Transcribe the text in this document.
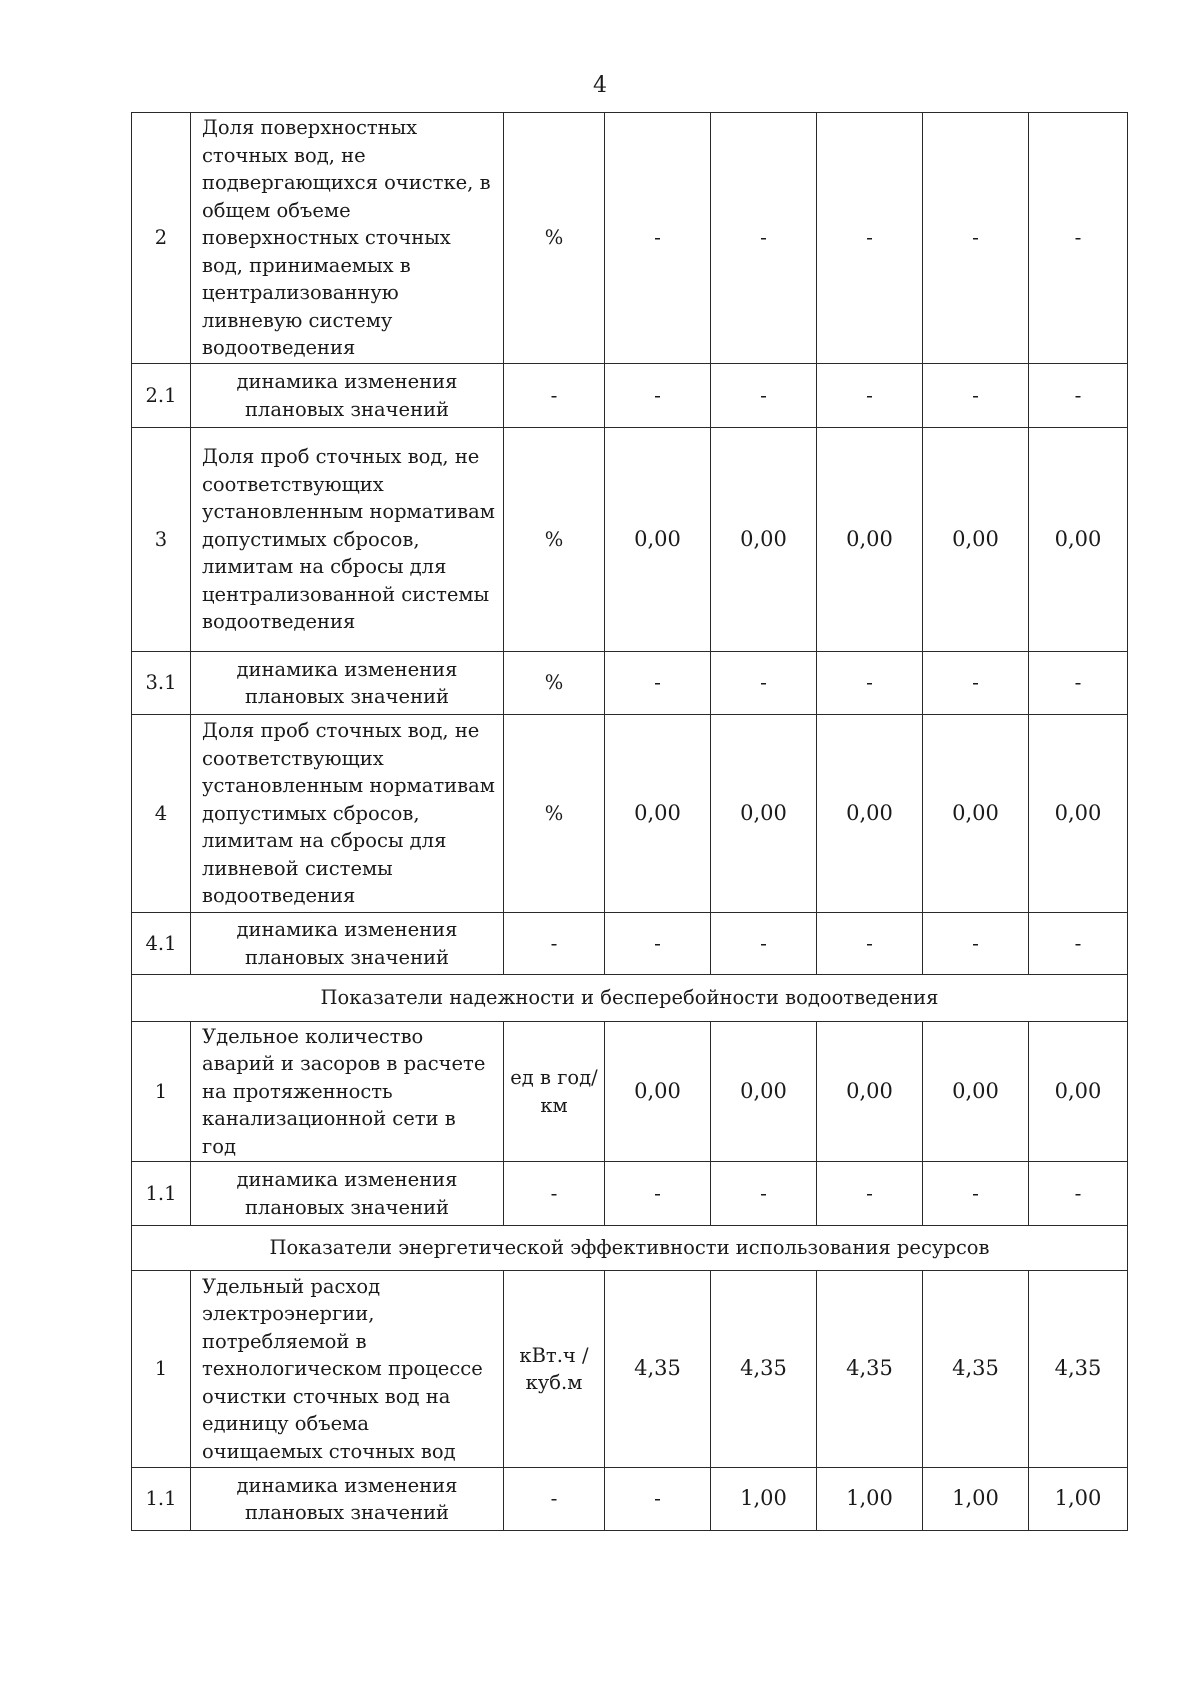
4
2	Доля поверхностных сточных вод, не подвергающихся очистке, в общем объеме поверхностных сточных вод, принимаемых в централизованную ливневую систему водоотведения	%	-	-	-	-	-
2.1	динамика изменения плановых значений	-	-	-	-	-	-
3	Доля проб сточных вод, не соответствующих установленным нормативам допустимых сбросов, лимитам на сбросы для централизованной системы водоотведения	%	0,00	0,00	0,00	0,00	0,00
3.1	динамика изменения плановых значений	%	-	-	-	-	-
4	Доля проб сточных вод, не соответствующих установленным нормативам допустимых сбросов, лимитам на сбросы для ливневой системы водоотведения	%	0,00	0,00	0,00	0,00	0,00
4.1	динамика изменения плановых значений	-	-	-	-	-	-
Показатели надежности и бесперебойности водоотведения							
1	Удельное количество аварий и засоров в расчете на протяженность канализационной сети в год	ед в год/ км	0,00	0,00	0,00	0,00	0,00
1.1	динамика изменения плановых значений	-	-	-	-	-	-
Показатели энергетической эффективности использования ресурсов							
1	Удельный расход электроэнергии, потребляемой в технологическом процессе очистки сточных вод на единицу объема очищаемых сточных вод	кВт.ч / куб.м	4,35	4,35	4,35	4,35	4,35
1.1	динамика изменения плановых значений	-	-	1,00	1,00	1,00	1,00
